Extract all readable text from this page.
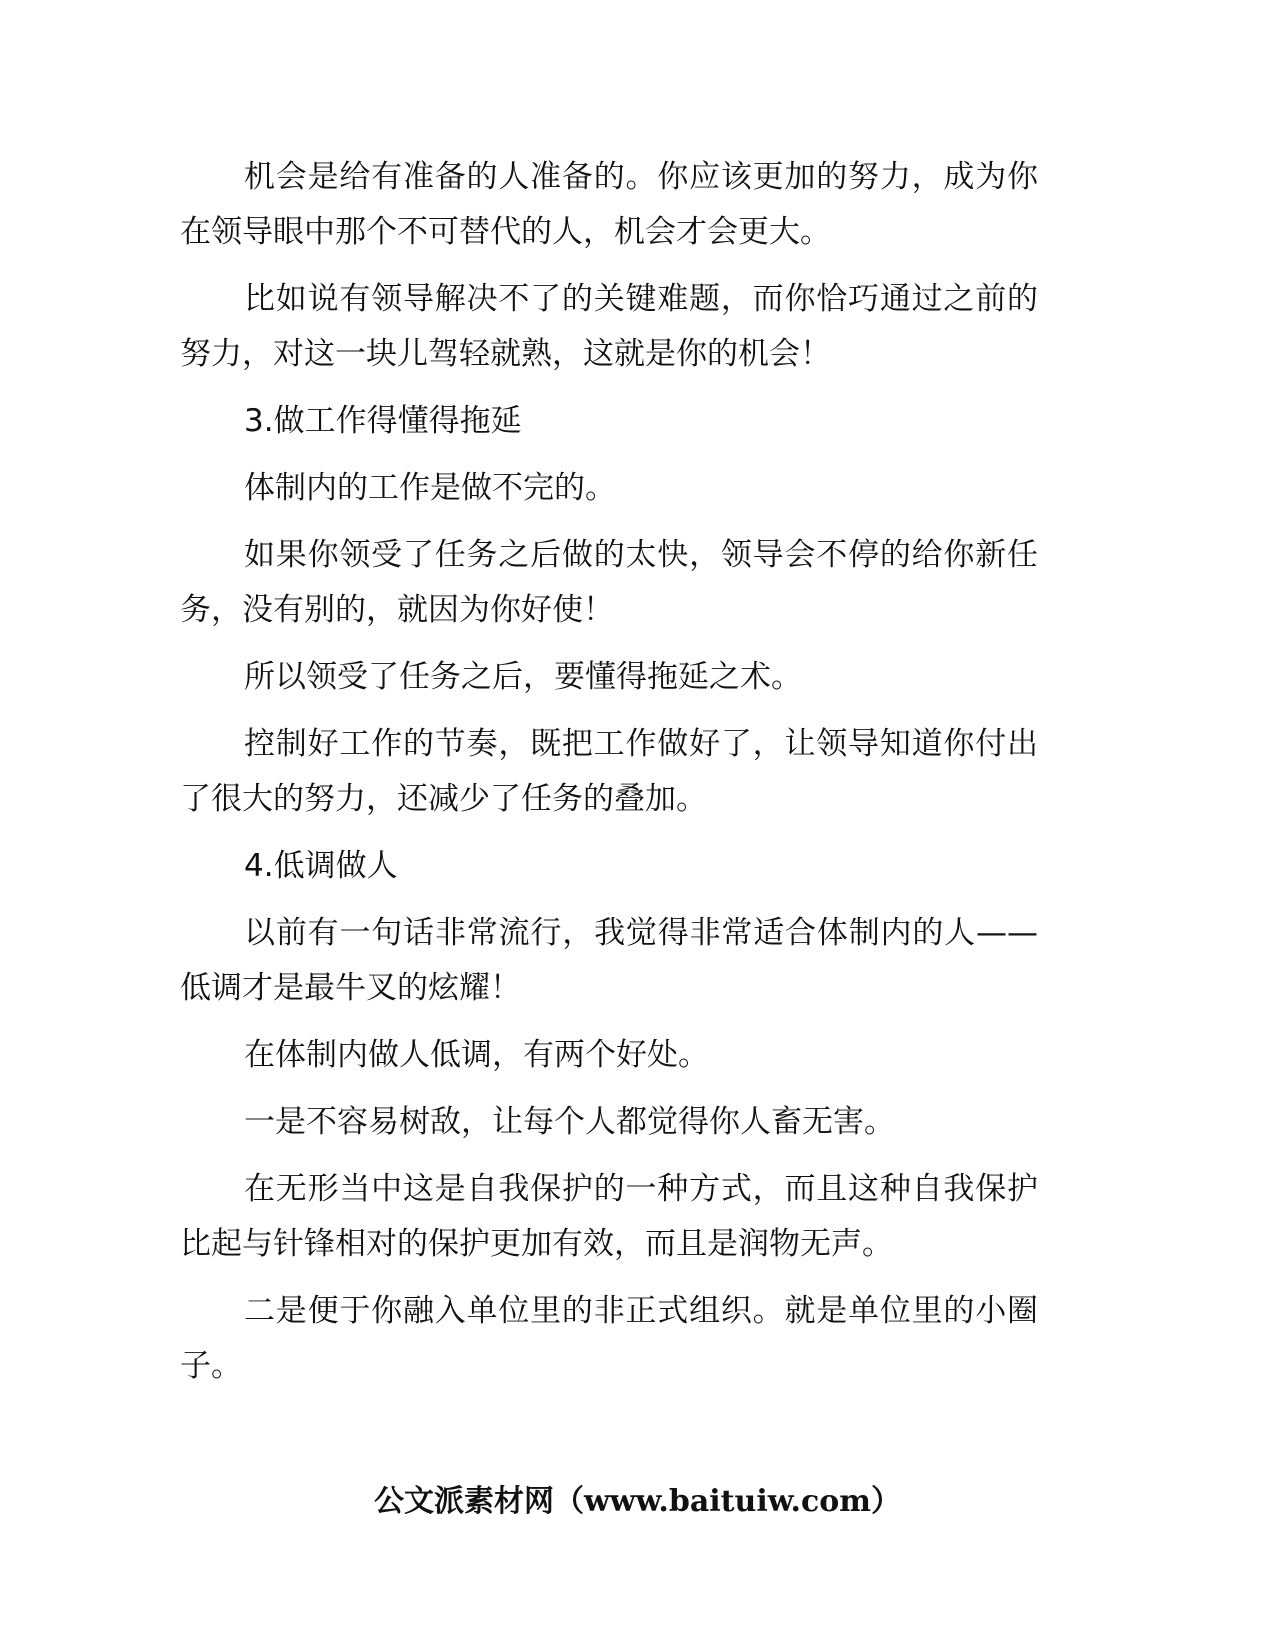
机会是给有准备的人准备的。你应该更加的努力，成为你在领导眼中那个不可替代的人，机会才会更大。

比如说有领导解决不了的关键难题，而你恰巧通过之前的努力，对这一块儿驾轻就熟，这就是你的机会！

3.做工作得懂得拖延

体制内的工作是做不完的。

如果你领受了任务之后做的太快，领导会不停的给你新任务，没有别的，就因为你好使！

所以领受了任务之后，要懂得拖延之术。

控制好工作的节奏，既把工作做好了，让领导知道你付出了很大的努力，还减少了任务的叠加。

4.低调做人

以前有一句话非常流行，我觉得非常适合体制内的人——低调才是最牛叉的炫耀！

在体制内做人低调，有两个好处。

一是不容易树敌，让每个人都觉得你人畜无害。

在无形当中这是自我保护的一种方式，而且这种自我保护比起与针锋相对的保护更加有效，而且是润物无声。

二是便于你融入单位里的非正式组织。就是单位里的小圈子。

公文派素材网（www.baituiw.com）
